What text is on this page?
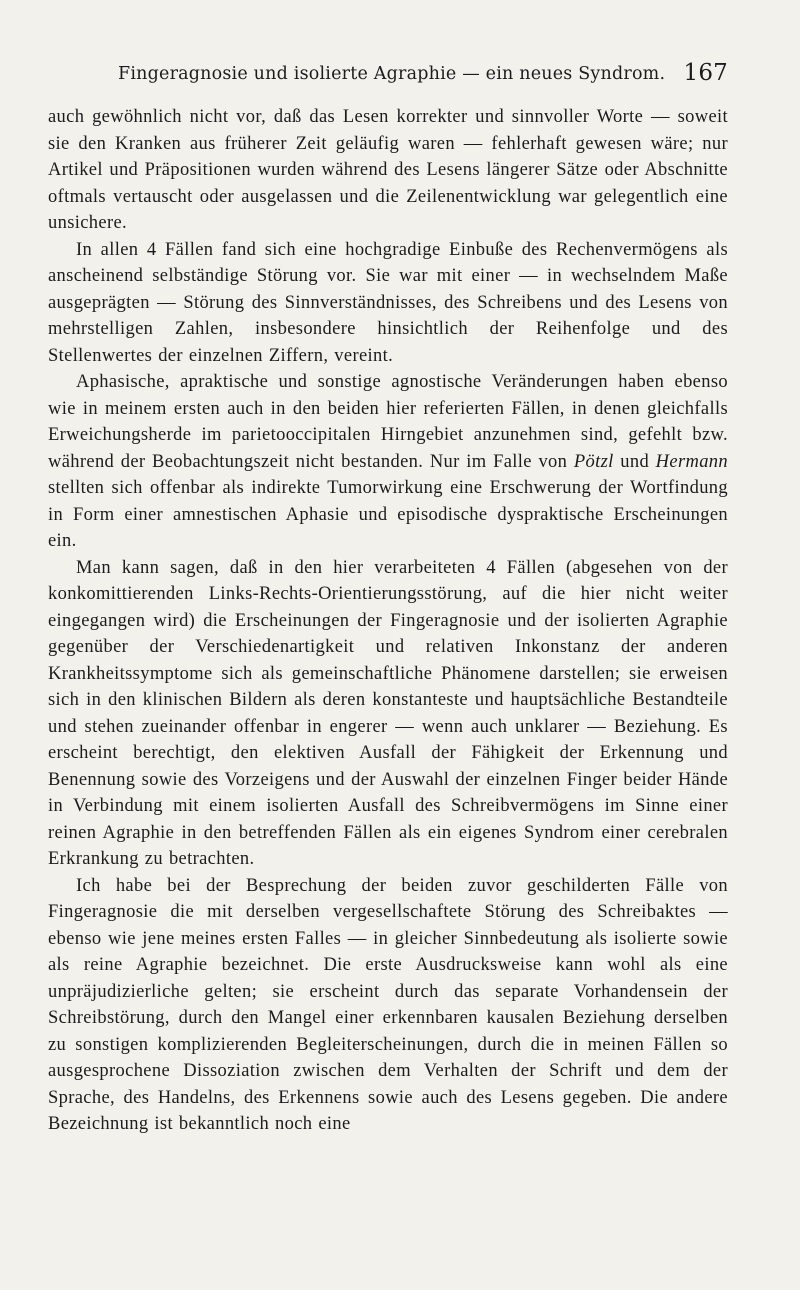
Fingeragnosie und isolierte Agraphie — ein neues Syndrom. 167

auch gewöhnlich nicht vor, daß das Lesen korrekter und sinnvoller Worte — soweit sie den Kranken aus früherer Zeit geläufig waren — fehlerhaft gewesen wäre; nur Artikel und Präpositionen wurden während des Lesens längerer Sätze oder Abschnitte oftmals vertauscht oder ausgelassen und die Zeilenentwicklung war gelegentlich eine unsichere.

In allen 4 Fällen fand sich eine hochgradige Einbuße des Rechenvermögens als anscheinend selbständige Störung vor. Sie war mit einer — in wechselndem Maße ausgeprägten — Störung des Sinnverständnisses, des Schreibens und des Lesens von mehrstelligen Zahlen, insbesondere hinsichtlich der Reihenfolge und des Stellenwertes der einzelnen Ziffern, vereint.

Aphasische, apraktische und sonstige agnostische Veränderungen haben ebenso wie in meinem ersten auch in den beiden hier referierten Fällen, in denen gleichfalls Erweichungsherde im parietooccipitalen Hirngebiet anzunehmen sind, gefehlt bzw. während der Beobachtungszeit nicht bestanden. Nur im Falle von Pötzl und Hermann stellten sich offenbar als indirekte Tumorwirkung eine Erschwerung der Wortfindung in Form einer amnestischen Aphasie und episodische dyspraktische Erscheinungen ein.

Man kann sagen, daß in den hier verarbeiteten 4 Fällen (abgesehen von der konkomittierenden Links-Rechts-Orientierungsstörung, auf die hier nicht weiter eingegangen wird) die Erscheinungen der Fingeragnosie und der isolierten Agraphie gegenüber der Verschiedenartigkeit und relativen Inkonstanz der anderen Krankheitssymptome sich als gemeinschaftliche Phänomene darstellen; sie erweisen sich in den klinischen Bildern als deren konstanteste und hauptsächliche Bestandteile und stehen zueinander offenbar in engerer — wenn auch unklarer — Beziehung. Es erscheint berechtigt, den elektiven Ausfall der Fähigkeit der Erkennung und Benennung sowie des Vorzeigens und der Auswahl der einzelnen Finger beider Hände in Verbindung mit einem isolierten Ausfall des Schreibvermögens im Sinne einer reinen Agraphie in den betreffenden Fällen als ein eigenes Syndrom einer cerebralen Erkrankung zu betrachten.

Ich habe bei der Besprechung der beiden zuvor geschilderten Fälle von Fingeragnosie die mit derselben vergesellschaftete Störung des Schreibaktes — ebenso wie jene meines ersten Falles — in gleicher Sinnbedeutung als isolierte sowie als reine Agraphie bezeichnet. Die erste Ausdrucksweise kann wohl als eine unpräjudizierliche gelten; sie erscheint durch das separate Vorhandensein der Schreibstörung, durch den Mangel einer erkennbaren kausalen Beziehung derselben zu sonstigen komplizierenden Begleiterscheinungen, durch die in meinen Fällen so ausgesprochene Dissoziation zwischen dem Verhalten der Schrift und dem der Sprache, des Handelns, des Erkennens sowie auch des Lesens gegeben. Die andere Bezeichnung ist bekanntlich noch eine
